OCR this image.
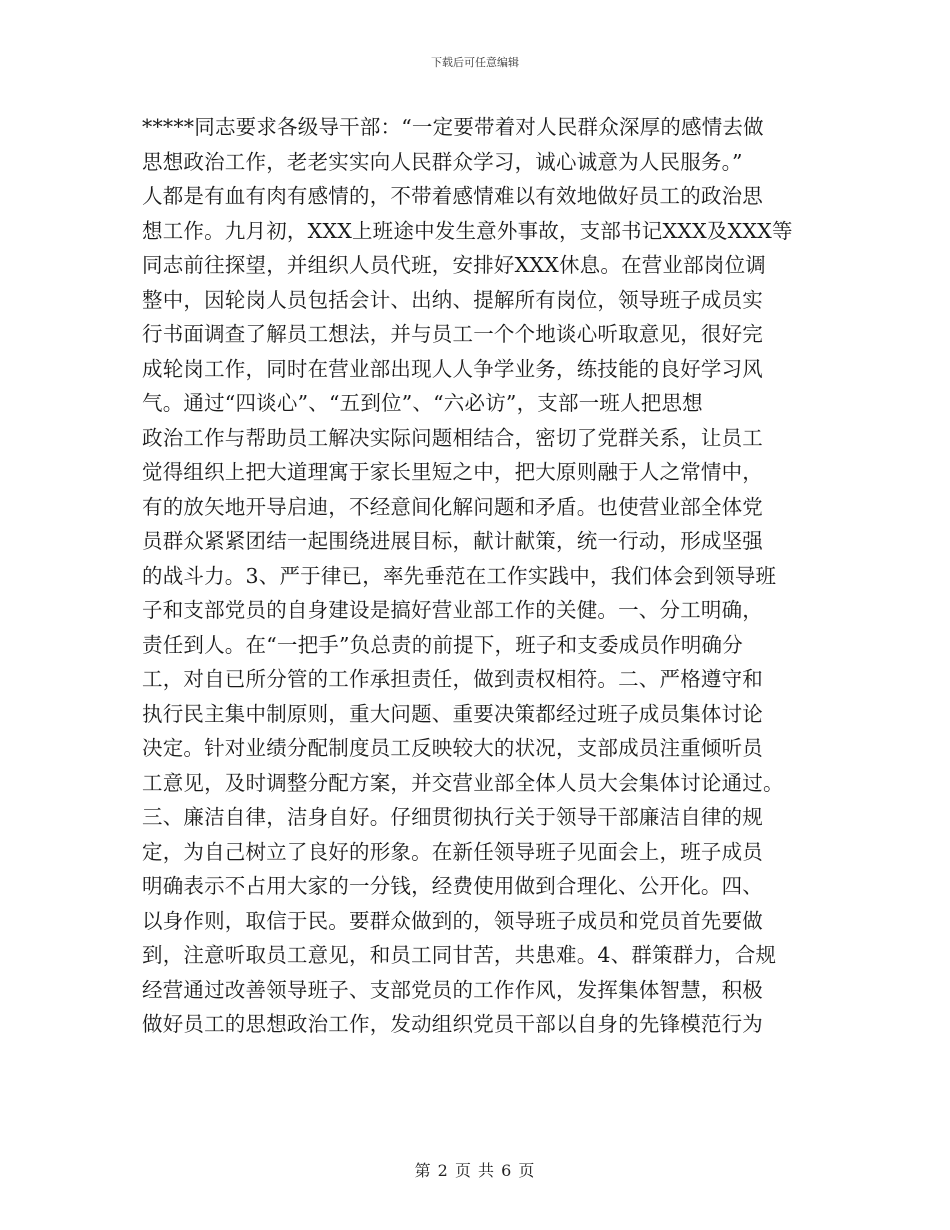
下载后可任意编辑
*****同志要求各级导干部：“一定要带着对人民群众深厚的感情去做
思想政治工作，老老实实向人民群众学习，诚心诚意为人民服务。”
人都是有血有肉有感情的，不带着感情难以有效地做好员工的政治思
想工作。九月初，XXX上班途中发生意外事故，支部书记XXX及XXX等
同志前往探望，并组织人员代班，安排好XXX休息。在营业部岗位调
整中，因轮岗人员包括会计、出纳、提解所有岗位，领导班子成员实
行书面调查了解员工想法，并与员工一个个地谈心听取意见，很好完
成轮岗工作，同时在营业部出现人人争学业务，练技能的良好学习风
气。通过“四谈心”、“五到位”、“六必访”，支部一班人把思想
政治工作与帮助员工解决实际问题相结合，密切了党群关系，让员工
觉得组织上把大道理寓于家长里短之中，把大原则融于人之常情中，
有的放矢地开导启迪，不经意间化解问题和矛盾。也使营业部全体党
员群众紧紧团结一起围绕进展目标，献计献策，统一行动，形成坚强
的战斗力。3、严于律已，率先垂范在工作实践中，我们体会到领导班
子和支部党员的自身建设是搞好营业部工作的关健。一、分工明确，
责任到人。在“一把手”负总责的前提下，班子和支委成员作明确分
工，对自已所分管的工作承担责任，做到责权相符。二、严格遵守和
执行民主集中制原则，重大问题、重要决策都经过班子成员集体讨论
决定。针对业绩分配制度员工反映较大的状况，支部成员注重倾听员
工意见，及时调整分配方案，并交营业部全体人员大会集体讨论通过。
三、廉洁自律，洁身自好。仔细贯彻执行关于领导干部廉洁自律的规
定，为自己树立了良好的形象。在新任领导班子见面会上，班子成员
明确表示不占用大家的一分钱，经费使用做到合理化、公开化。四、
以身作则，取信于民。要群众做到的，领导班子成员和党员首先要做
到，注意听取员工意见，和员工同甘苦，共患难。4、群策群力，合规
经营通过改善领导班子、支部党员的工作作风，发挥集体智慧，积极
做好员工的思想政治工作，发动组织党员干部以自身的先锋模范行为
第 2 页 共 6 页
